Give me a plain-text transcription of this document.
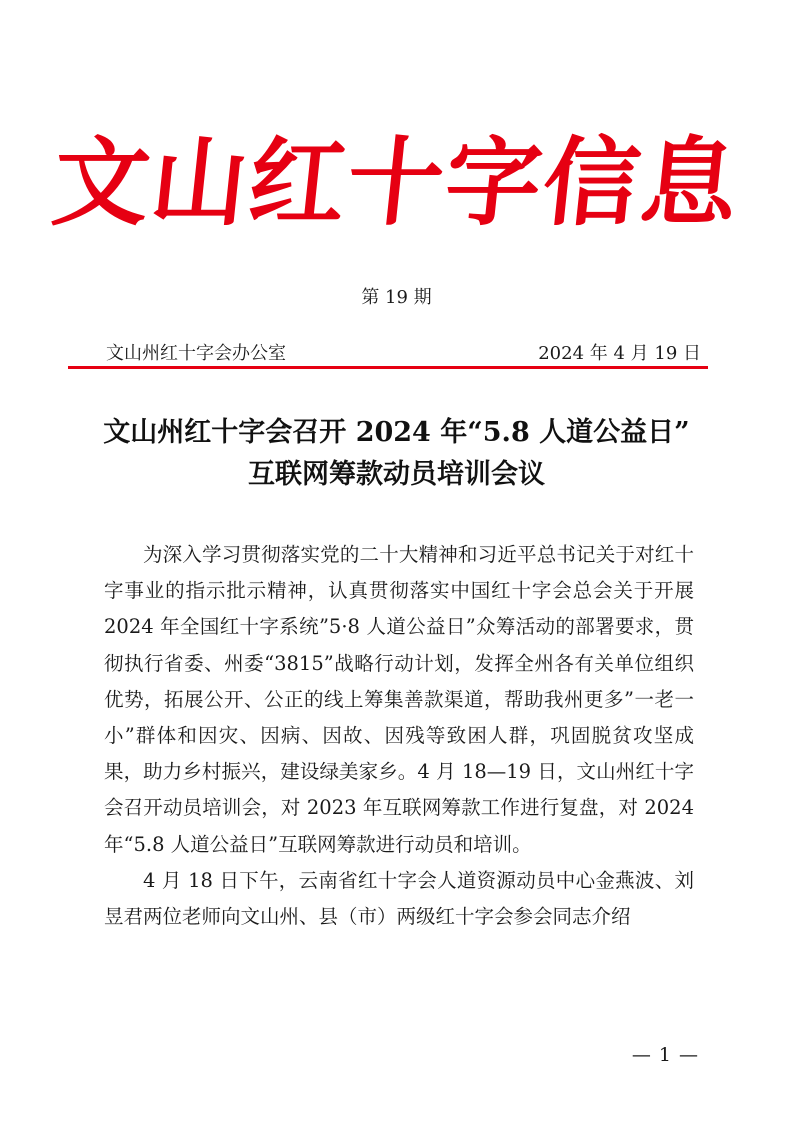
文山红十字信息
第 19 期
文山州红十字会办公室	2024 年 4 月 19 日
文山州红十字会召开 2024 年“5.8 人道公益日”
互联网筹款动员培训会议

为深入学习贯彻落实党的二十大精神和习近平总书记关于对红十字事业的指示批示精神，认真贯彻落实中国红十字会总会关于开展 2024 年全国红十字系统”5·8 人道公益日”众筹活动的部署要求，贯彻执行省委、州委“3815”战略行动计划，发挥全州各有关单位组织优势，拓展公开、公正的线上筹集善款渠道，帮助我州更多”一老一小”群体和因灾、因病、因故、因残等致困人群，巩固脱贫攻坚成果，助力乡村振兴，建设绿美家乡。4 月 18—19 日，文山州红十字会召开动员培训会，对 2023 年互联网筹款工作进行复盘，对 2024 年“5.8 人道公益日”互联网筹款进行动员和培训。

4 月 18 日下午，云南省红十字会人道资源动员中心金燕波、刘昱君两位老师向文山州、县（市）两级红十字会参会同志介绍

— 1 —
